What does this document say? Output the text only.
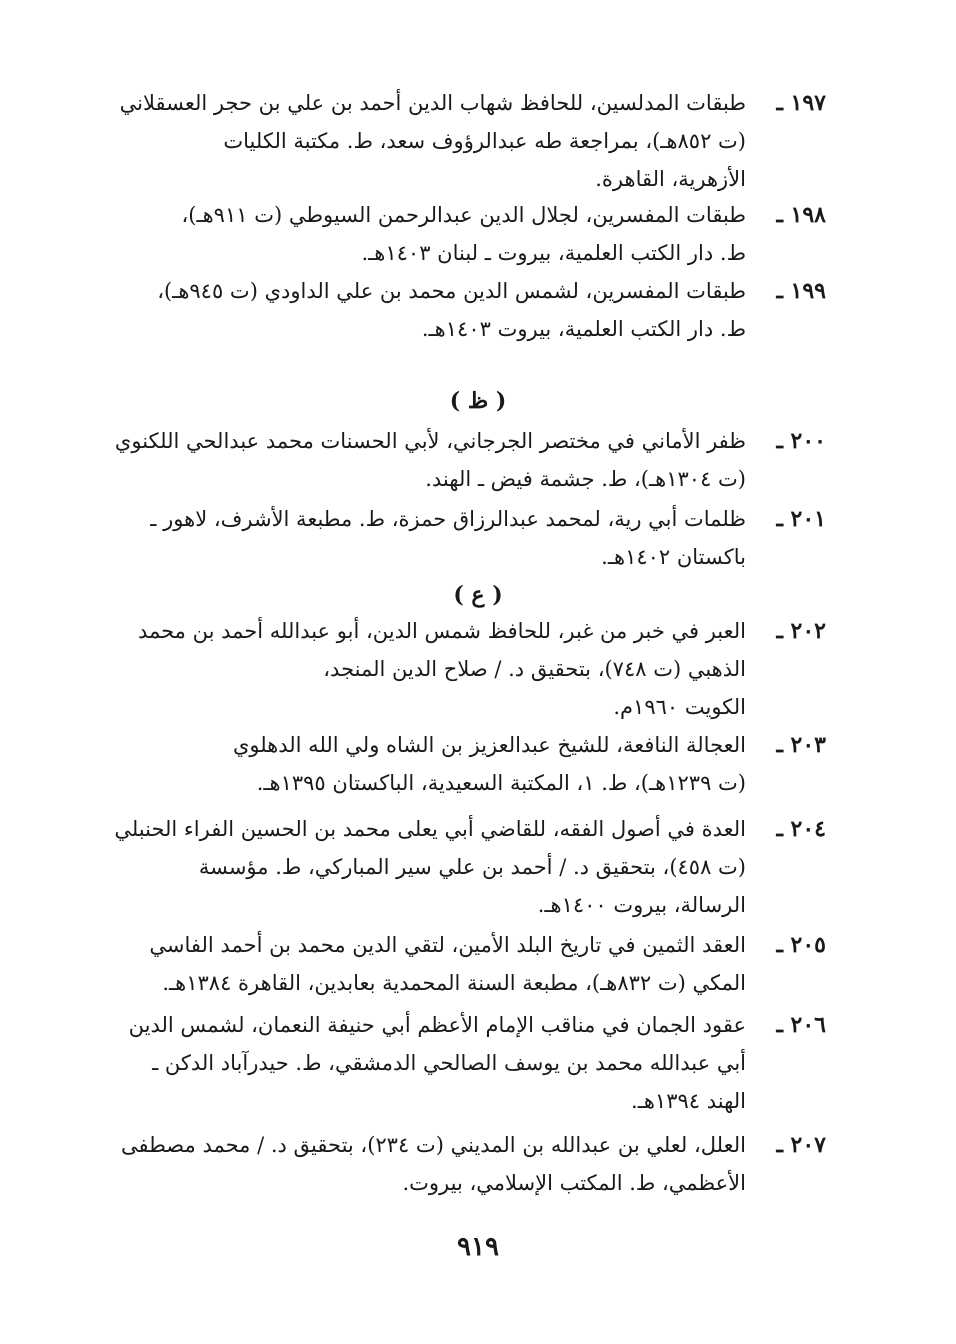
١٩٧ ـ
طبقات المدلسين، للحافظ شهاب الدين أحمد بن علي بن حجر العسقلاني
(ت ٨٥٢هـ)، بمراجعة طه عبدالرؤوف سعد، ط. مكتبة الكليات
الأزهرية، القاهرة.
١٩٨ ـ
طبقات المفسرين، لجلال الدين عبدالرحمن السيوطي (ت ٩١١هـ)،
ط. دار الكتب العلمية، بيروت ـ لبنان ١٤٠٣هـ.
١٩٩ ـ
طبقات المفسرين، لشمس الدين محمد بن علي الداودي (ت ٩٤٥هـ)،
ط. دار الكتب العلمية، بيروت ١٤٠٣هـ.
( ظ )
٢٠٠ ـ
ظفر الأماني في مختصر الجرجاني، لأبي الحسنات محمد عبدالحي اللكنوي
(ت ١٣٠٤هـ)، ط. جشمة فيض ـ الهند.
٢٠١ ـ
ظلمات أبي رية، لمحمد عبدالرزاق حمزة، ط. مطبعة الأشرف، لاهور ـ
باكستان ١٤٠٢هـ.
( ع )
٢٠٢ ـ
العبر في خبر من غبر، للحافظ شمس الدين، أبو عبدالله أحمد بن محمد
الذهبي (ت ٧٤٨)، بتحقيق د. / صلاح الدين المنجد،
الكويت ١٩٦٠م.
٢٠٣ ـ
العجالة النافعة، للشيخ عبدالعزيز بن الشاه ولي الله الدهلوي
(ت ١٢٣٩هـ)، ط. ١، المكتبة السعيدية، الباكستان ١٣٩٥هـ.
٢٠٤ ـ
العدة في أصول الفقه، للقاضي أبي يعلى محمد بن الحسين الفراء الحنبلي
(ت ٤٥٨)، بتحقيق د. / أحمد بن علي سير المباركي، ط. مؤسسة
الرسالة، بيروت ١٤٠٠هـ.
٢٠٥ ـ
العقد الثمين في تاريخ البلد الأمين، لتقي الدين محمد بن أحمد الفاسي
المكي (ت ٨٣٢هـ)، مطبعة السنة المحمدية بعابدين، القاهرة ١٣٨٤هـ.
٢٠٦ ـ
عقود الجمان في مناقب الإمام الأعظم أبي حنيفة النعمان، لشمس الدين
أبي عبدالله محمد بن يوسف الصالحي الدمشقي، ط. حيدرآباد الدكن ـ
الهند ١٣٩٤هـ.
٢٠٧ ـ
العلل، لعلي بن عبدالله بن المديني (ت ٢٣٤)، بتحقيق د. / محمد مصطفى
الأعظمي، ط. المكتب الإسلامي، بيروت.
٩١٩
